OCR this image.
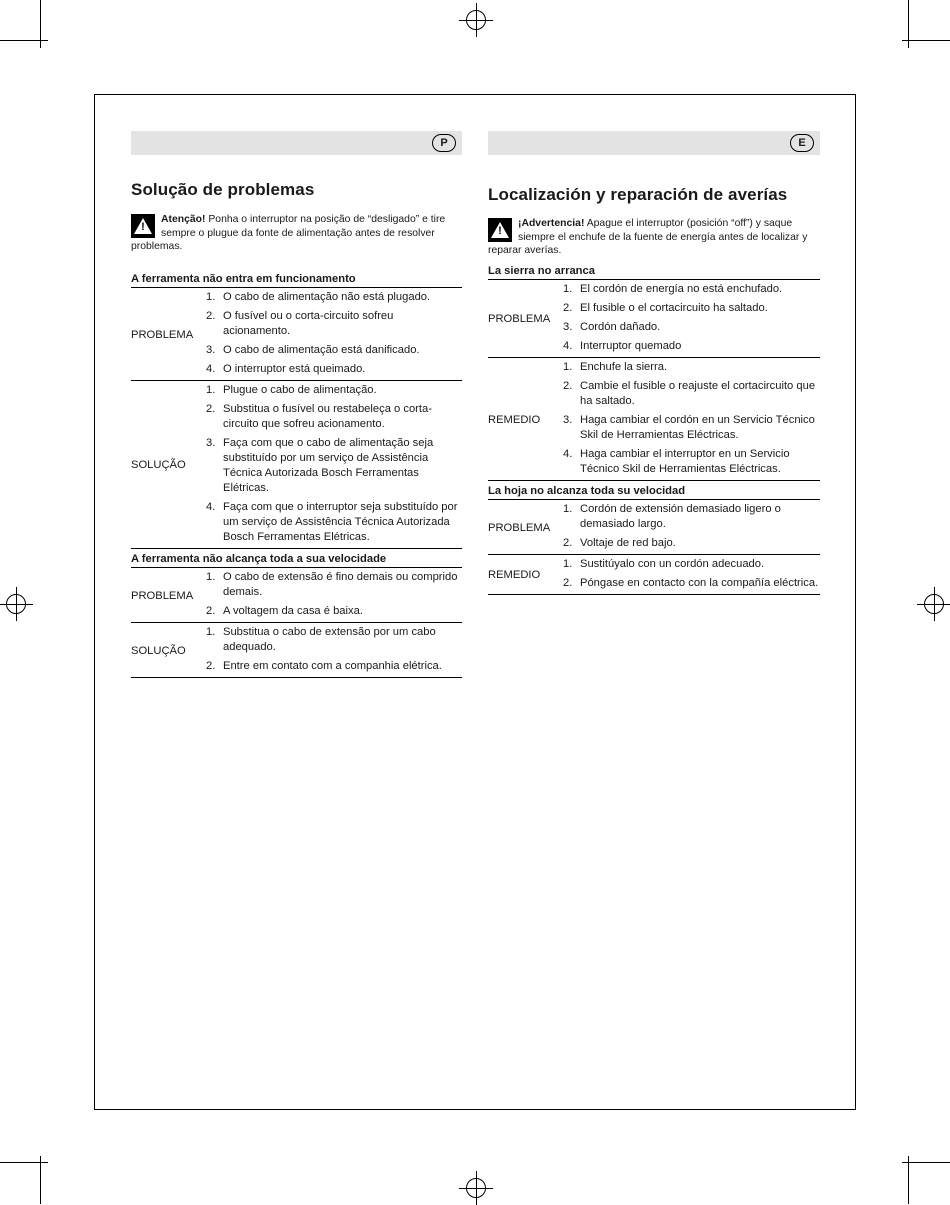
P
Solução de problemas
!
Atenção! Ponha o interruptor na posição de “desligado” e tire sempre o plugue da fonte de alimentação antes de resolver problemas.
A ferramenta não entra em funcionamento
PROBLEMA
1. O cabo de alimentação não está plugado.
2. O fusível ou o corta-circuito sofreu acionamento.
3. O cabo de alimentação está danificado.
4. O interruptor está queimado.
SOLUÇÃO
1. Plugue o cabo de alimentação.
2. Substitua o fusível ou restabeleça o corta-circuito que sofreu acionamento.
3. Faça com que o cabo de alimentação seja substituído por um serviço de Assistência Técnica Autorizada Bosch Ferramentas Elétricas.
4. Faça com que o interruptor seja substituído por um serviço de Assistência Técnica Autorizada Bosch Ferramentas Elétricas.
A ferramenta não alcança toda a sua velocidade
PROBLEMA
1. O cabo de extensão é fino demais ou comprido demais.
2. A voltagem da casa é baixa.
SOLUÇÃO
1. Substitua o cabo de extensão por um cabo adequado.
2. Entre em contato com a companhia elétrica.
E
Localización y reparación de averías
!
¡Advertencia! Apague el interruptor (posición “off”) y saque siempre el enchufe de la fuente de energía antes de localizar y reparar averías.
La sierra no arranca
PROBLEMA
1. El cordón de energía no está enchufado.
2. El fusible o el cortacircuito ha saltado.
3. Cordón dañado.
4. Interruptor quemado
REMEDIO
1. Enchufe la sierra.
2. Cambie el fusible o reajuste el cortacircuito que ha saltado.
3. Haga cambiar el cordón en un Servicio Técnico Skil de Herramientas Eléctricas.
4. Haga cambiar el interruptor en un Servicio Técnico Skil de Herramientas Eléctricas.
La hoja no alcanza toda su velocidad
PROBLEMA
1. Cordón de extensión demasiado ligero o demasiado largo.
2. Voltaje de red bajo.
REMEDIO
1. Sustitúyalo con un cordón adecuado.
2. Póngase en contacto con la compañía eléctrica.
